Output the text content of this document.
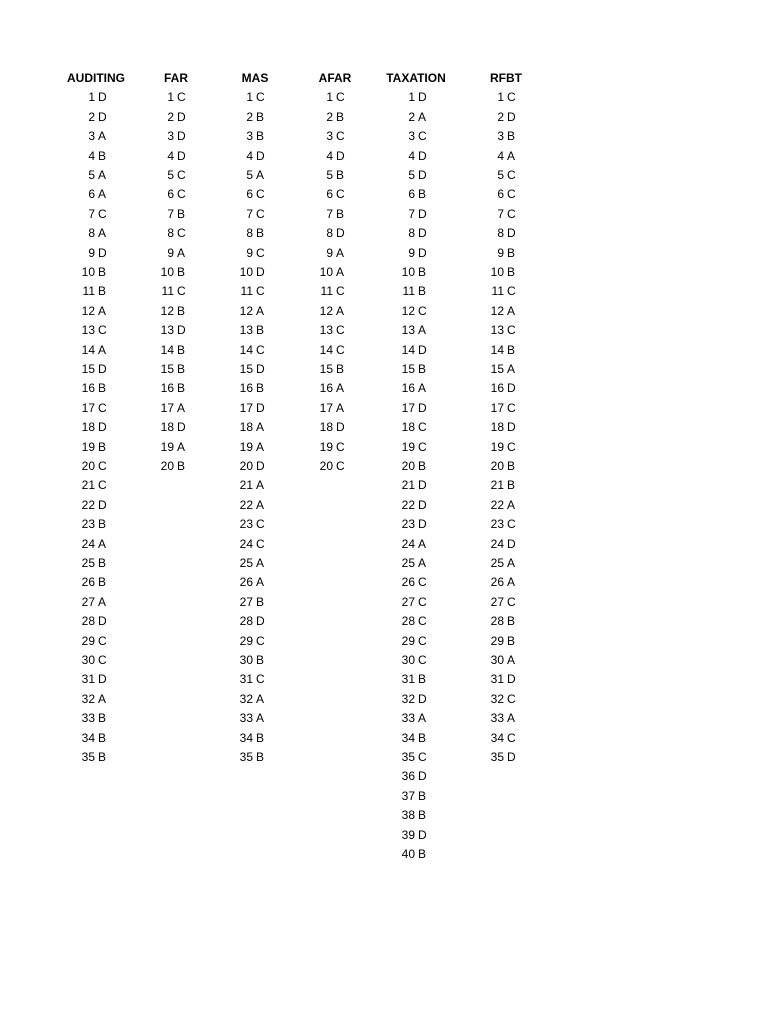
AUDITING
1 D
2 D
3 A
4 B
5 A
6 A
7 C
8 A
9 D
10 B
11 B
12 A
13 C
14 A
15 D
16 B
17 C
18 D
19 B
20 C
21 C
22 D
23 B
24 A
25 B
26 B
27 A
28 D
29 C
30 C
31 D
32 A
33 B
34 B
35 B
FAR
1 C
2 D
3 D
4 D
5 C
6 C
7 B
8 C
9 A
10 B
11 C
12 B
13 D
14 B
15 B
16 B
17 A
18 D
19 A
20 B
MAS
1 C
2 B
3 B
4 D
5 A
6 C
7 C
8 B
9 C
10 D
11 C
12 A
13 B
14 C
15 D
16 B
17 D
18 A
19 A
20 D
21 A
22 A
23 C
24 C
25 A
26 A
27 B
28 D
29 C
30 B
31 C
32 A
33 A
34 B
35 B
AFAR
1 C
2 B
3 C
4 D
5 B
6 C
7 B
8 D
9 A
10 A
11 C
12 A
13 C
14 C
15 B
16 A
17 A
18 D
19 C
20 C
TAXATION
1 D
2 A
3 C
4 D
5 D
6 B
7 D
8 D
9 D
10 B
11 B
12 C
13 A
14 D
15 B
16 A
17 D
18 C
19 C
20 B
21 D
22 D
23 D
24 A
25 A
26 C
27 C
28 C
29 C
30 C
31 B
32 D
33 A
34 B
35 C
36 D
37 B
38 B
39 D
40 B
RFBT
1 C
2 D
3 B
4 A
5 C
6 C
7 C
8 D
9 B
10 B
11 C
12 A
13 C
14 B
15 A
16 D
17 C
18 D
19 C
20 B
21 B
22 A
23 C
24 D
25 A
26 A
27 C
28 B
29 B
30 A
31 D
32 C
33 A
34 C
35 D
